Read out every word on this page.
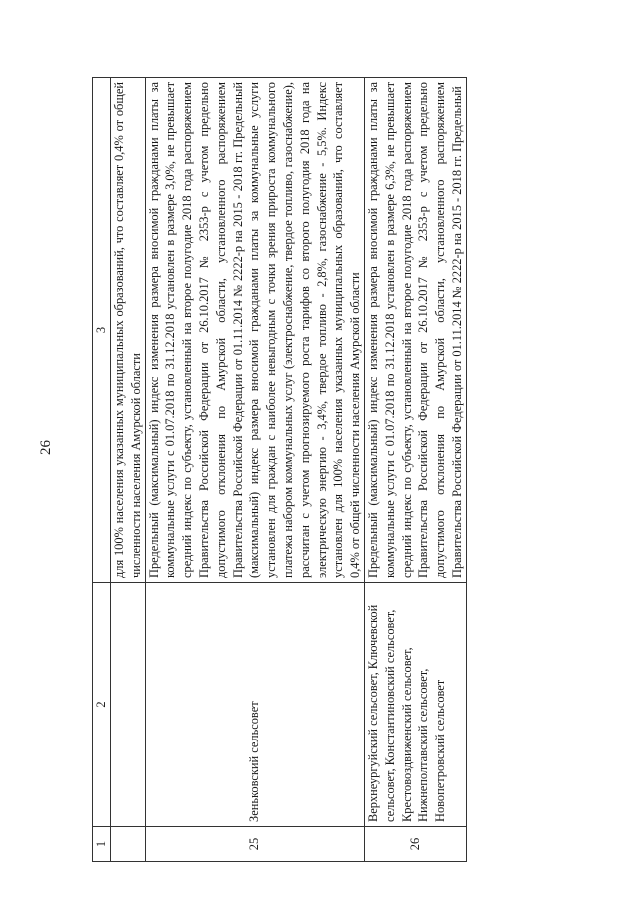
26
1	2	3
		для 100% населения указанных муниципальных образований, что составляет 0,4% от общей численности населения Амурской области
25	Зеньковский сельсовет	Предельный (максимальный) индекс изменения размера вносимой гражданами платы за коммунальные услуги с 01.07.2018 по 31.12.2018 установлен в размере 3,0%, не превышает средний индекс по субъекту, установленный на второе полугодие 2018 года распоряжением Правительства Российской Федерации от 26.10.2017 № 2353-р с учетом предельно допустимого отклонения по Амурской области, установленного распоряжением Правительства Российской Федерации от 01.11.2014 № 2222-р на 2015 - 2018 гг. Предельный (максимальный) индекс размера вносимой гражданами платы за коммунальные услуги установлен для граждан с наиболее невыгодным с точки зрения прироста коммунального платежа набором коммунальных услуг (электроснабжение, твердое топливо, газоснабжение), рассчитан с учетом прогнозируемого роста тарифов со второго полугодия 2018 года на электрическую энергию - 3,4%, твердое топливо - 2,8%, газоснабжение - 5,5%. Индекс установлен для 100% населения указанных муниципальных образований, что составляет 0,4% от общей численности населения Амурской области
26	Верхнеургуйский сельсовет, Ключевской сельсовет, Константиновский сельсовет, Крестовоздвиженский сельсовет, Нижнеполтавский сельсовет, Новопетровский сельсовет	Предельный (максимальный) индекс изменения размера вносимой гражданами платы за коммунальные услуги с 01.07.2018 по 31.12.2018 установлен в размере 6,3%, не превышает средний индекс по субъекту, установленный на второе полугодие 2018 года распоряжением Правительства Российской Федерации от 26.10.2017 № 2353-р с учетом предельно допустимого отклонения по Амурской области, установленного распоряжением Правительства Российской Федерации от 01.11.2014 № 2222-р на 2015 - 2018 гг. Предельный
